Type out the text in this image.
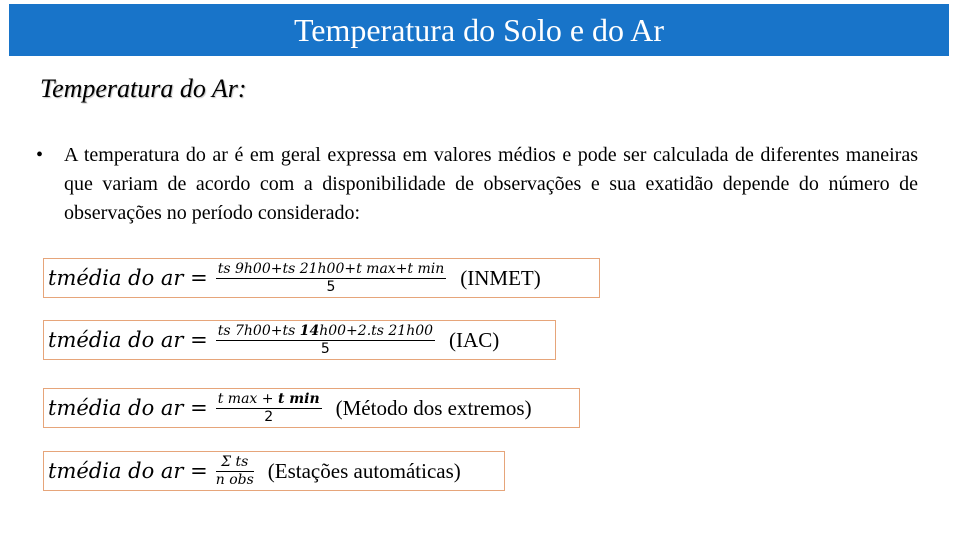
Temperatura do Solo e do Ar
Temperatura do Ar:
•	A temperatura do ar é em geral expressa em valores médios e pode ser calculada de diferentes maneiras que variam de acordo com a disponibilidade de observações e sua exatidão depende do número de observações no período considerado:
tmédia do ar = $\frac{\text{ts 9h00+ts 21h00+t max+t min}}{5}$ (INMET)
tmédia do ar = $\frac{ts 7h00+ts 14h00+2.ts 21h00}{5} (IAC)$
tmédia do ar = $\frac{\text{t max + t min}}{2}$ (Método dos extremos)
tmédia do ar = $\frac{\text{Σ ts}}{\text{n obs}}$ (Estações automáticas)
